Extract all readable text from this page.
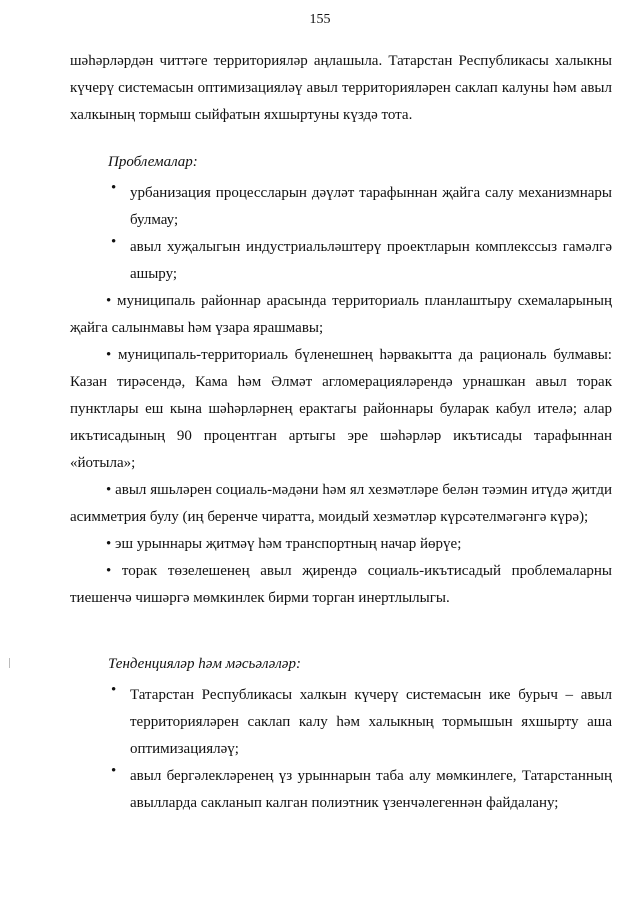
155

шәһәрләрдән читтәге территорияләр аңлашыла. Татарстан Республикасы халыкны күчерү системасын оптимизацияләү авыл территорияләрен саклап калуны һәм авыл халкының тормыш сыйфатын яхшыртуны күздә тота.

Проблемалар:

• урбанизация процессларын дәүләт тарафыннан җайга салу механизмнары булмау;
• авыл хуҗалыгын индустриальләштерү проектларын комплекссыз гамәлгә ашыру;

• муниципаль районнар арасында территориаль планлаштыру схемаларының җайга салынмавы һәм үзара ярашмавы;

• муниципаль-территориаль бүленешнең һәрвакытта да рациональ булмавы: Казан тирәсендә, Кама һәм Әлмәт агломерацияләрендә урнашкан авыл торак пунктлары еш кына шәһәрләрнең ерактагы районнары буларак кабул ителә; алар икътисадының 90 процентган артыгы эре шәһәрләр икътисады тарафыннан «йотыла»;

• авыл яшьләрен социаль-мәдәни һәм ял хезмәтләре белән тәэмин итүдә җитди асимметрия булу (иң беренче чиратта, моидый хезмәтләр күрсәтелмәгәнгә күрә);

• эш урыннары җитмәү һәм транспортның начар йөрүе;

• торак төзелешенең авыл җирендә социаль-икътисадый проблемаларны тиешенчә чишәргә мөмкинлек бирми торган инертлылыгы.

Тенденцияләр һәм мәсьәләләр:

• Татарстан Республикасы халкын күчерү системасын ике бурыч – авыл территорияләрен саклап калу һәм халыкның тормышын яхшырту аша оптимизацияләү;
• авыл бергәлекләренең үз урыннарын таба алу мөмкинлеге, Татарстанның авылларда сакланып калган полиэтник үзенчәлегеннән файдалану;
